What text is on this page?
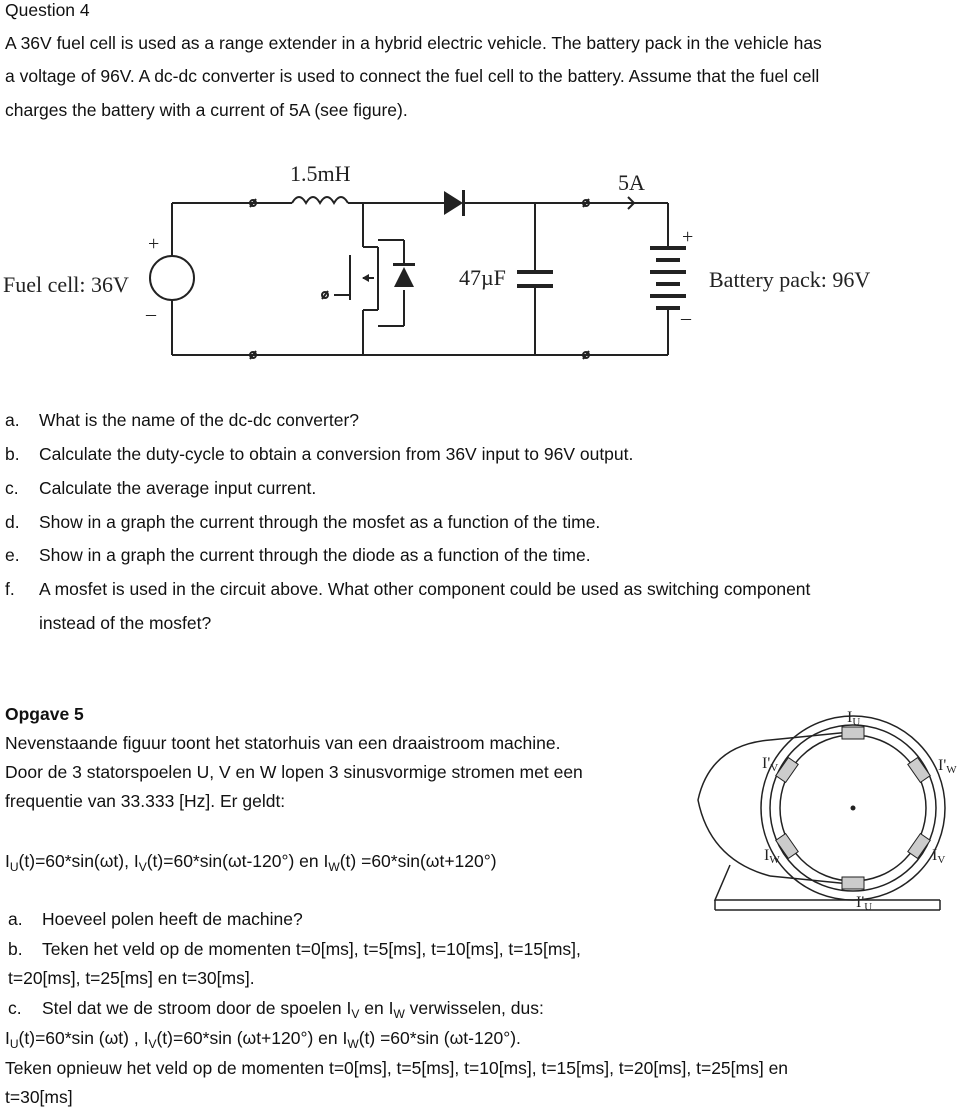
Question 4
A 36V fuel cell is used as a range extender in a hybrid electric vehicle. The battery pack in the vehicle has
a voltage of 96V. A dc-dc converter is used to connect the fuel cell to the battery. Assume that the fuel cell
charges the battery with a current of 5A (see figure).
+
–
+
–
1.5mH	5A
Fuel cell: 36V	47µF	Battery pack: 96V
a. What is the name of the dc-dc converter?
b. Calculate the duty-cycle to obtain a conversion from 36V input to 96V output.
c. Calculate the average input current.
d. Show in a graph the current through the mosfet as a function of the time.
e. Show in a graph the current through the diode as a function of the time.
f. A mosfet is used in the circuit above. What other component could be used as switching component
instead of the mosfet?
Opgave 5
Nevenstaande figuur toont het statorhuis van een draaistroom machine.
Door de 3 statorspoelen U, V en W lopen 3 sinusvormige stromen met een
frequentie van 33.333 [Hz]. Er geldt:
$I_U(t)=60*\sin(\omega t)$, $I_V(t)=60*\sin(\omega t-120^\circ)$ en $I_W(t) =60*\sin(\omega t+120^\circ)$
a. Hoeveel polen heeft de machine?
b. Teken het veld op de momenten t=0[ms], t=5[ms], t=10[ms], t=15[ms],
t=20[ms], t=25[ms] en t=30[ms].
c. Stel dat we de stroom door de spoelen $I_V$ en $I_W$ verwisselen, dus:
$I_U(t)=60*\sin$ (ωt) , $I_V(t)=60*\sin$ (ωt+120°) en $I_W(t) =60*\sin$ (ωt-120°).
Teken opnieuw het veld op de momenten t=0[ms], t=5[ms], t=10[ms], t=15[ms], t=20[ms], t=25[ms] en
t=30[ms]
IU
I'V	I'W
IW	IV
I'U
